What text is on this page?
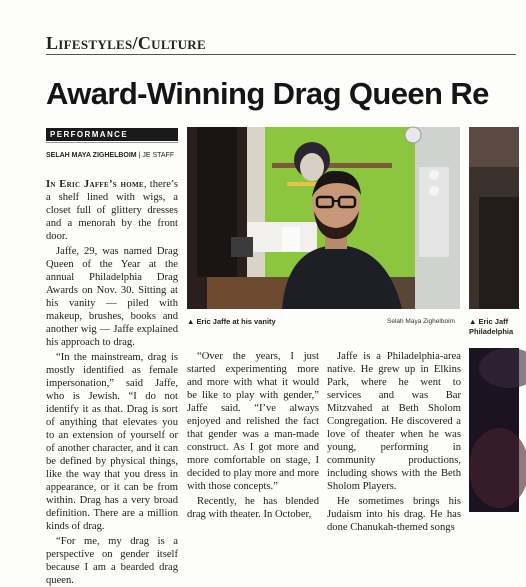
Lifestyles/Culture
Award-Winning Drag Queen Re
PERFORMANCE
SELAH MAYA ZIGHELBOIM | JE STAFF

In Eric Jaffe’s home, there’s a shelf lined with wigs, a closet full of glittery dresses and a menorah by the front door.

Jaffe, 29, was named Drag Queen of the Year at the annual Philadelphia Drag Awards on Nov. 30. Sitting at his vanity — piled with makeup, brushes, books and another wig — Jaffe explained his approach to drag.

“In the mainstream, drag is mostly identified as female impersonation,” said Jaffe, who is Jewish. “I do not identify it as that. Drag is sort of anything that elevates you to an extension of yourself or of another character, and it can be defined by physical things, like the way that you dress in appearance, or it can be from within. Drag has a very broad definition. There are a million kinds of drag.

“For me, my drag is a perspective on gender itself because I am a bearded drag queen.

▲ Eric Jaffe at his vanity	Selah Maya Zighelboim ▲ Eric Jaff
Philadelphia

“Over the years, I just started experimenting more and more with what it would be like to play with gender,” Jaffe said. “I’ve always enjoyed and relished the fact that gender was a man-made construct. As I got more and more comfortable on stage, I decided to play more and more with those concepts.”

Recently, he has blended drag with theater. In October,

Jaffe is a Philadelphia-area native. He grew up in Elkins Park, where he went to services and was Bar Mitzvahed at Beth Sholom Congregation. He discovered a love of theater when he was young, performing in community productions, including shows with the Beth Sholom Players.

He sometimes brings his Judaism into his drag. He has done Chanukah-themed songs
